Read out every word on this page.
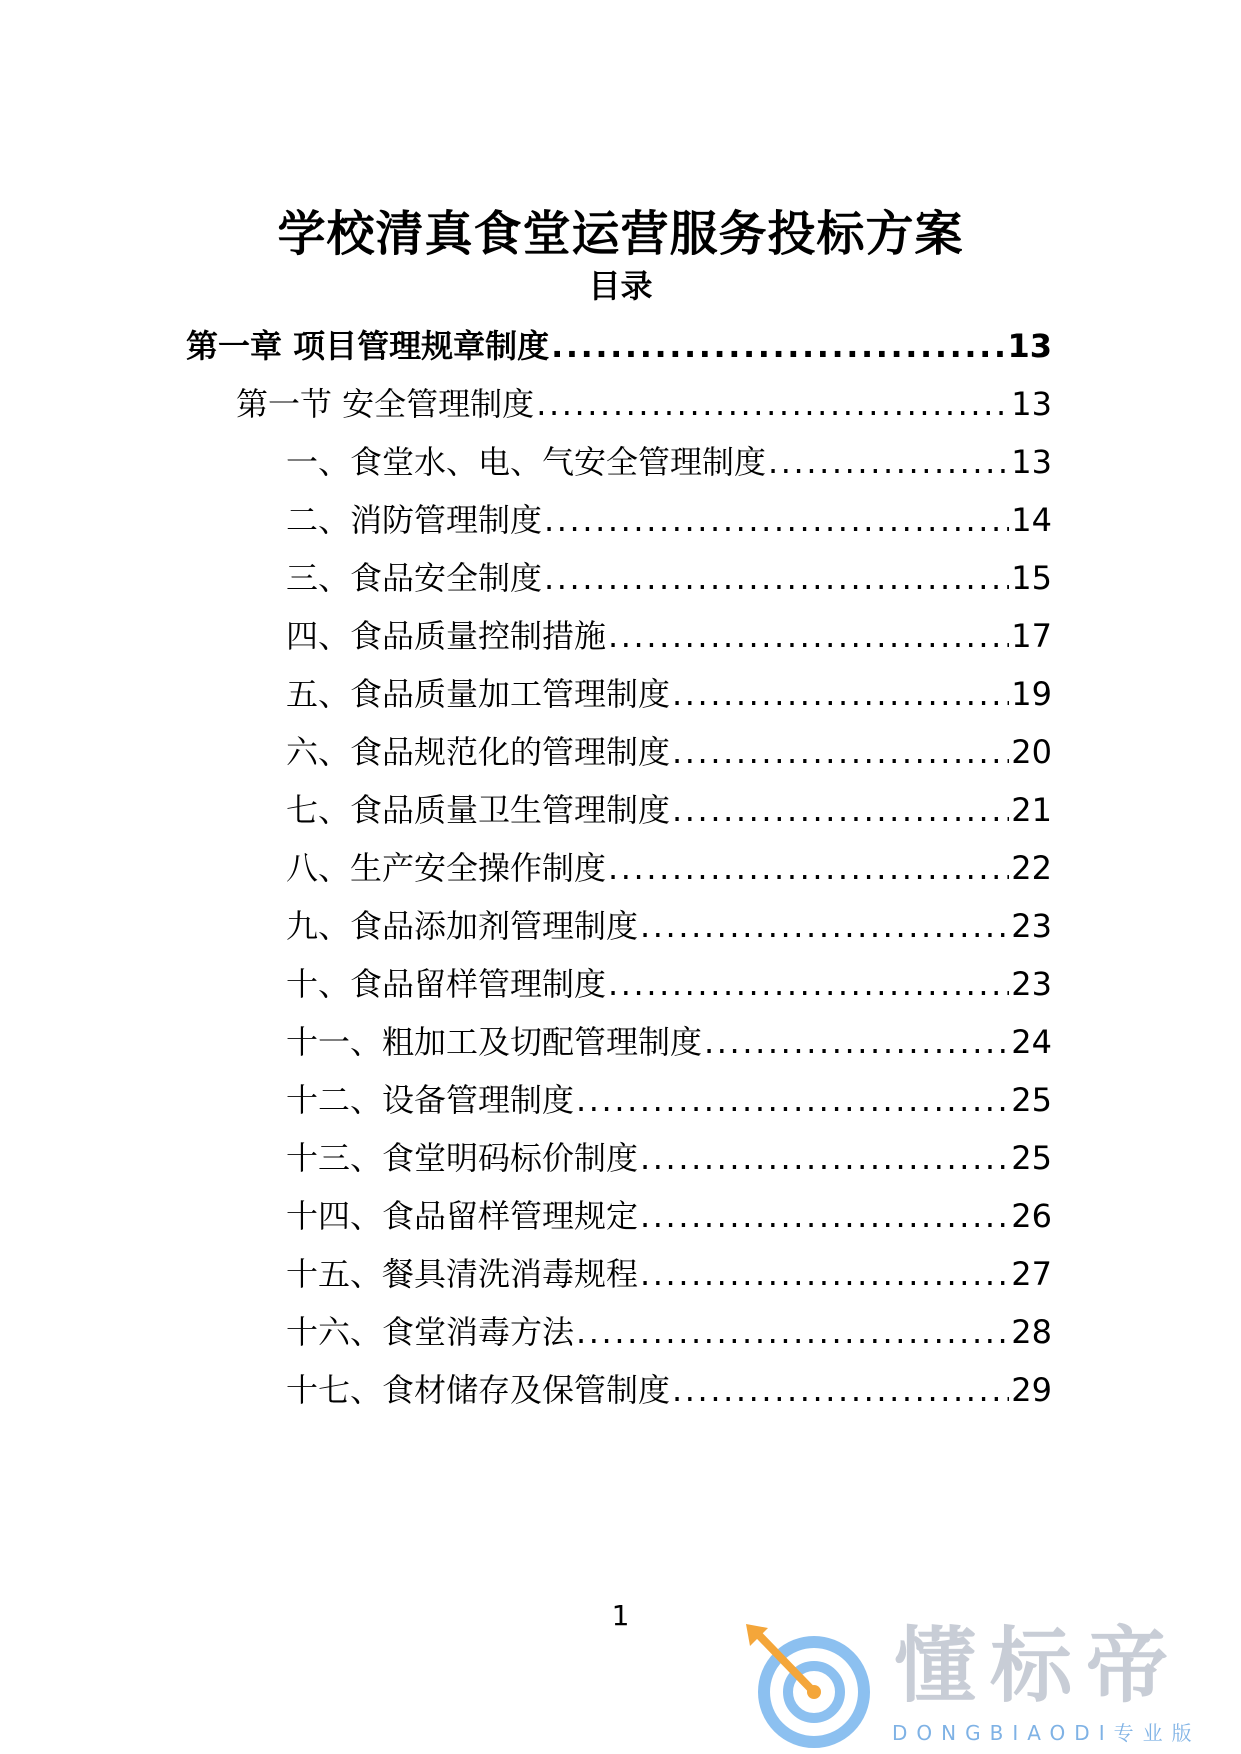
学校清真食堂运营服务投标方案
目录
第一章 项目管理规章制度 .....	13
第一节 安全管理制度 .....	13
一、食堂水、电、气安全管理制度 .....	13
二、消防管理制度 .....	14
三、食品安全制度 .....	15
四、食品质量控制措施 .....	17
五、食品质量加工管理制度 .....	19
六、食品规范化的管理制度 .....	20
七、食品质量卫生管理制度 .....	21
八、生产安全操作制度 .....	22
九、食品添加剂管理制度 .....	23
十、食品留样管理制度 .....	23
十一、粗加工及切配管理制度 .....	24
十二、设备管理制度 .....	25
十三、食堂明码标价制度 .....	25
十四、食品留样管理规定 .....	26
十五、餐具清洗消毒规程 .....	27
十六、食堂消毒方法 .....	28
十七、食材储存及保管制度 .....	29
1
懂标帝
DONGBIAODI专业版
